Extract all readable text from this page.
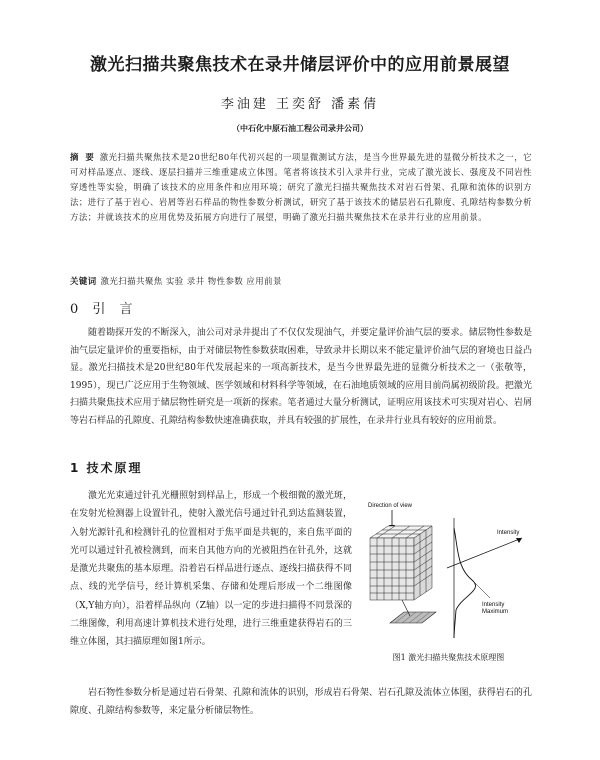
激光扫描共聚焦技术在录井储层评价中的应用前景展望
李油建 王奕舒 潘素倩
（中石化中原石油工程公司录井公司）
摘 要 激光扫描共聚焦技术是20世纪80年代初兴起的一项显微测试方法，是当今世界最先进的显微分析技术之一，它可对样品逐点、逐线、逐层扫描并三维重建成立体图。笔者将该技术引入录井行业，完成了激光波长、强度及不同岩性穿透性等实验，明确了该技术的应用条件和应用环境；研究了激光扫描共聚焦技术对岩石骨架、孔隙和流体的识别方法；进行了基于岩心、岩屑等岩石样品的物性参数分析测试，研究了基于该技术的储层岩石孔隙度、孔隙结构参数分析方法；并就该技术的应用优势及拓展方向进行了展望，明确了激光扫描共聚焦技术在录井行业的应用前景。
关键词 激光扫描共聚焦 实验 录井 物性参数 应用前景
0 引 言
随着勘探开发的不断深入，油公司对录井提出了不仅仅发现油气，并要定量评价油气层的要求。储层物性参数是油气层定量评价的重要指标，由于对储层物性参数获取困难，导致录井长期以来不能定量评价油气层的窘境也日益凸显。激光扫描技术是20世纪80年代发展起来的一项高新技术，是当今世界最先进的显微分析技术之一（张敬等，1995），现已广泛应用于生物领域、医学领域和材料科学等领域，在石油地质领域的应用目前尚属初级阶段。把激光扫描共聚焦技术应用于储层物性研究是一项新的探索。笔者通过大量分析测试，证明应用该技术可实现对岩心、岩屑等岩石样品的孔隙度、孔隙结构参数快速准确获取，并具有较强的扩展性，在录井行业具有较好的应用前景。
1 技术原理
激光光束通过针孔光栅照射到样品上，形成一个极细微的激光斑，在发射光检测器上设置针孔，使射入激光信号通过针孔到达监测装置，入射光源针孔和检测针孔的位置相对于焦平面是共轭的，来自焦平面的光可以通过针孔被检测到，而来自其他方向的光被阻挡在针孔外，这就是激光共聚焦的基本原理。沿着岩石样品进行逐点、逐线扫描获得不同点、线的光学信号，经计算机采集、存储和处理后形成一个二维图像（X,Y轴方向），沿着样品纵向（Z轴）以一定的步进扫描得不同景深的二维图像，利用高速计算机技术进行处理，进行三维重建获得岩石的三维立体图，其扫描原理如图1所示。
Direction of view
Intensity
Intensity
Maximum
图1 激光扫描共聚焦技术原理图
岩石物性参数分析是通过岩石骨架、孔隙和流体的识别，形成岩石骨架、岩石孔隙及流体立体图，获得岩石的孔隙度、孔隙结构参数等，来定量分析储层物性。
